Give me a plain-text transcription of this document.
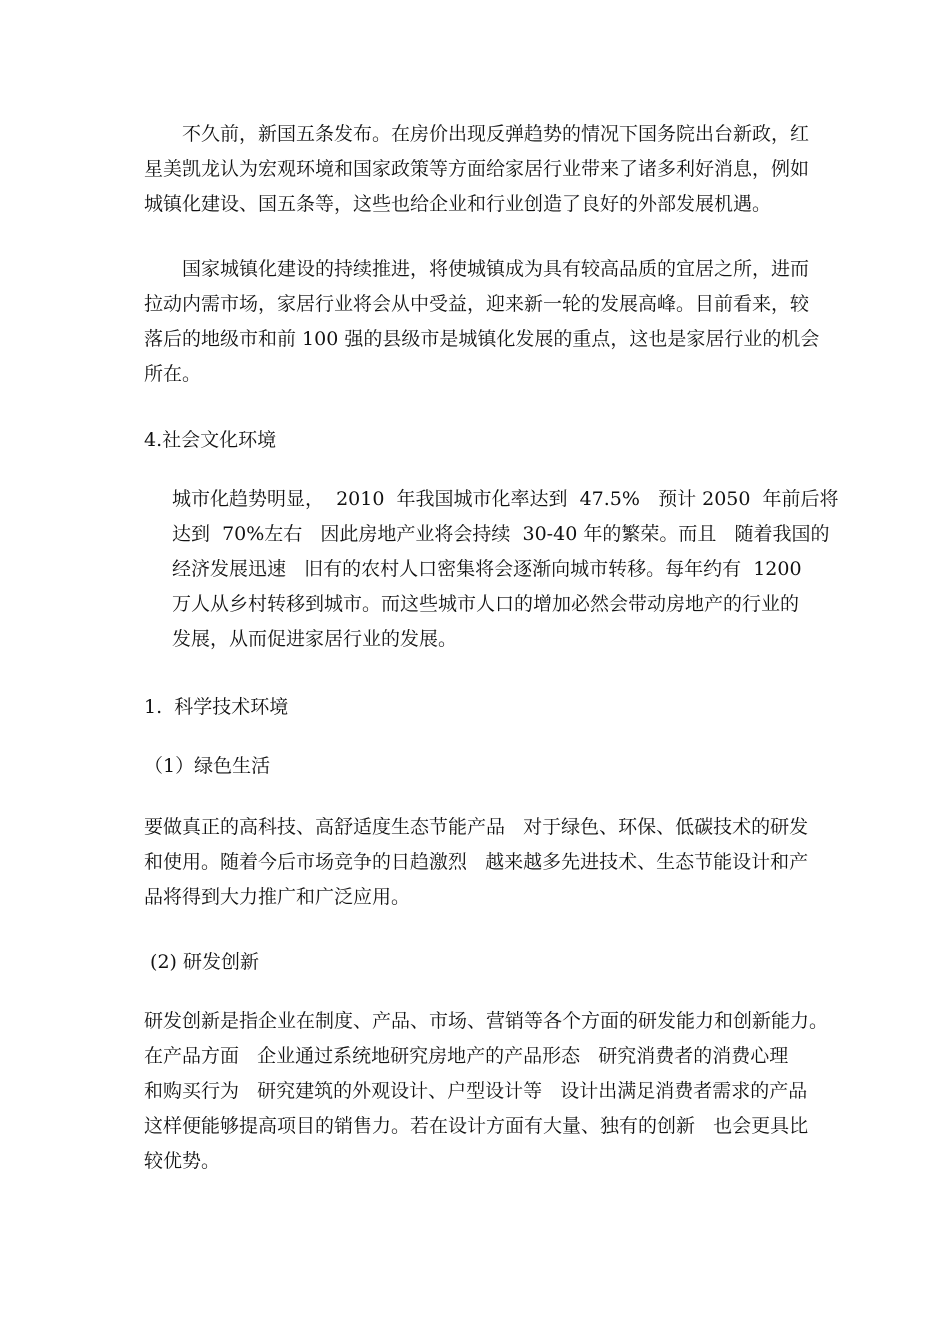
不久前，新国五条发布。在房价出现反弹趋势的情况下国务院出台新政，红
星美凯龙认为宏观环境和国家政策等方面给家居行业带来了诸多利好消息，例如
城镇化建设、国五条等，这些也给企业和行业创造了良好的外部发展机遇。
国家城镇化建设的持续推进，将使城镇成为具有较高品质的宜居之所，进而
拉动内需市场，家居行业将会从中受益，迎来新一轮的发展高峰。目前看来，较
落后的地级市和前 100 强的县级市是城镇化发展的重点，这也是家居行业的机会
所在。
4.社会文化环境
城市化趋势明显，  2010  年我国城市化率达到  47.5%   预计 2050  年前后将
达到  70%左右   因此房地产业将会持续  30-40 年的繁荣。而且   随着我国的
经济发展迅速   旧有的农村人口密集将会逐渐向城市转移。每年约有  1200
万人从乡村转移到城市。而这些城市人口的增加必然会带动房地产的行业的
发展，从而促进家居行业的发展。
1.  科学技术环境
（1）绿色生活
要做真正的高科技、高舒适度生态节能产品   对于绿色、环保、低碳技术的研发
和使用。随着今后市场竞争的日趋激烈   越来越多先进技术、生态节能设计和产
品将得到大力推广和广泛应用。
(2) 研发创新
研发创新是指企业在制度、产品、市场、营销等各个方面的研发能力和创新能力。
在产品方面   企业通过系统地研究房地产的产品形态   研究消费者的消费心理
和购买行为   研究建筑的外观设计、户型设计等   设计出满足消费者需求的产品
这样便能够提高项目的销售力。若在设计方面有大量、独有的创新   也会更具比
较优势。
